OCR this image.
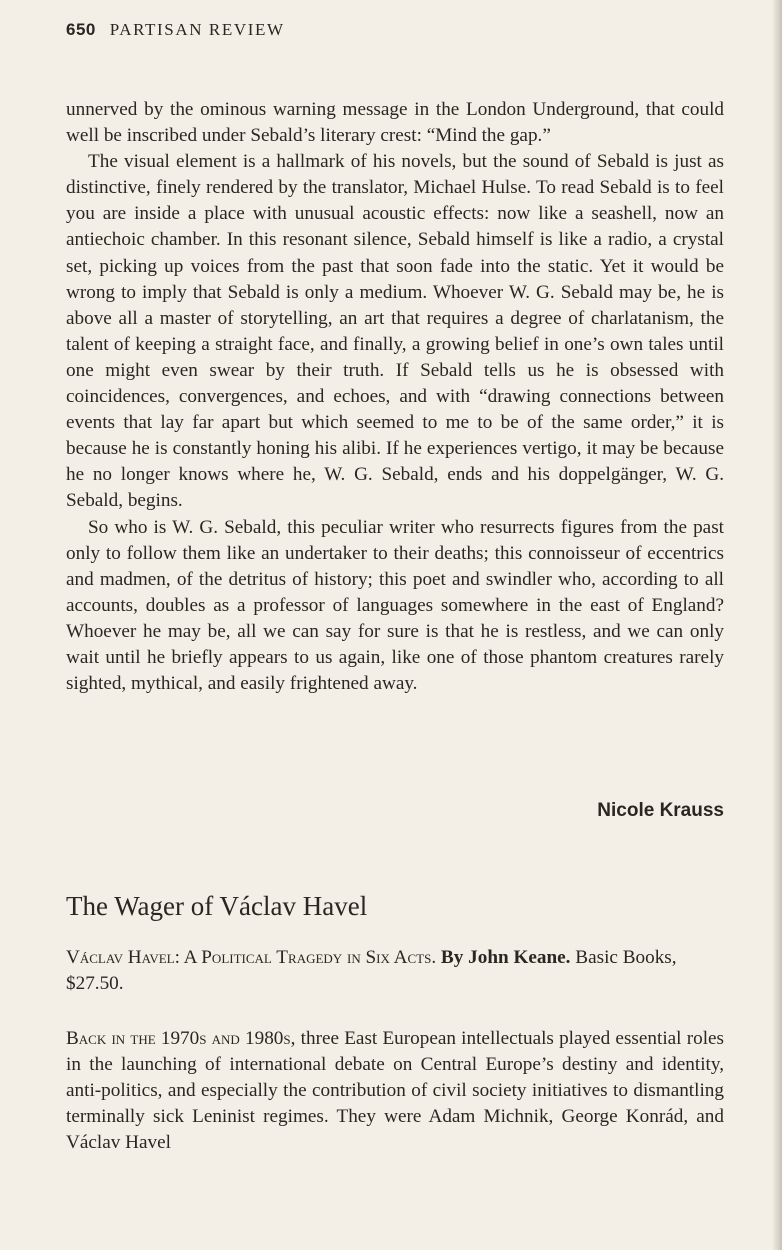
650 PARTISAN REVIEW

unnerved by the ominous warning message in the London Underground, that could well be inscribed under Sebald’s literary crest: “Mind the gap.”

The visual element is a hallmark of his novels, but the sound of Sebald is just as distinctive, finely rendered by the translator, Michael Hulse. To read Sebald is to feel you are inside a place with unusual acoustic effects: now like a seashell, now an antiechoic chamber. In this resonant silence, Sebald himself is like a radio, a crystal set, picking up voices from the past that soon fade into the static. Yet it would be wrong to imply that Sebald is only a medium. Whoever W. G. Sebald may be, he is above all a master of storytelling, an art that requires a degree of charlatanism, the talent of keeping a straight face, and finally, a growing belief in one’s own tales until one might even swear by their truth. If Sebald tells us he is obsessed with coincidences, convergences, and echoes, and with “drawing connections between events that lay far apart but which seemed to me to be of the same order,” it is because he is constantly honing his alibi. If he experiences vertigo, it may be because he no longer knows where he, W. G. Sebald, ends and his doppelgänger, W. G. Sebald, begins.

So who is W. G. Sebald, this peculiar writer who resurrects figures from the past only to follow them like an undertaker to their deaths; this connoisseur of eccentrics and madmen, of the detritus of history; this poet and swindler who, according to all accounts, doubles as a professor of languages somewhere in the east of England? Whoever he may be, all we can say for sure is that he is restless, and we can only wait until he briefly appears to us again, like one of those phantom creatures rarely sighted, mythical, and easily frightened away.

Nicole Krauss
The Wager of Václav Havel
Václav Havel: A Political Tragedy in Six Acts. By John Keane. Basic Books, $27.50.

Back in the 1970s and 1980s, three East European intellectuals played essential roles in the launching of international debate on Central Europe’s destiny and identity, anti-politics, and especially the contribution of civil society initiatives to dismantling terminally sick Leninist regimes. They were Adam Michnik, George Konrád, and Václav Havel
